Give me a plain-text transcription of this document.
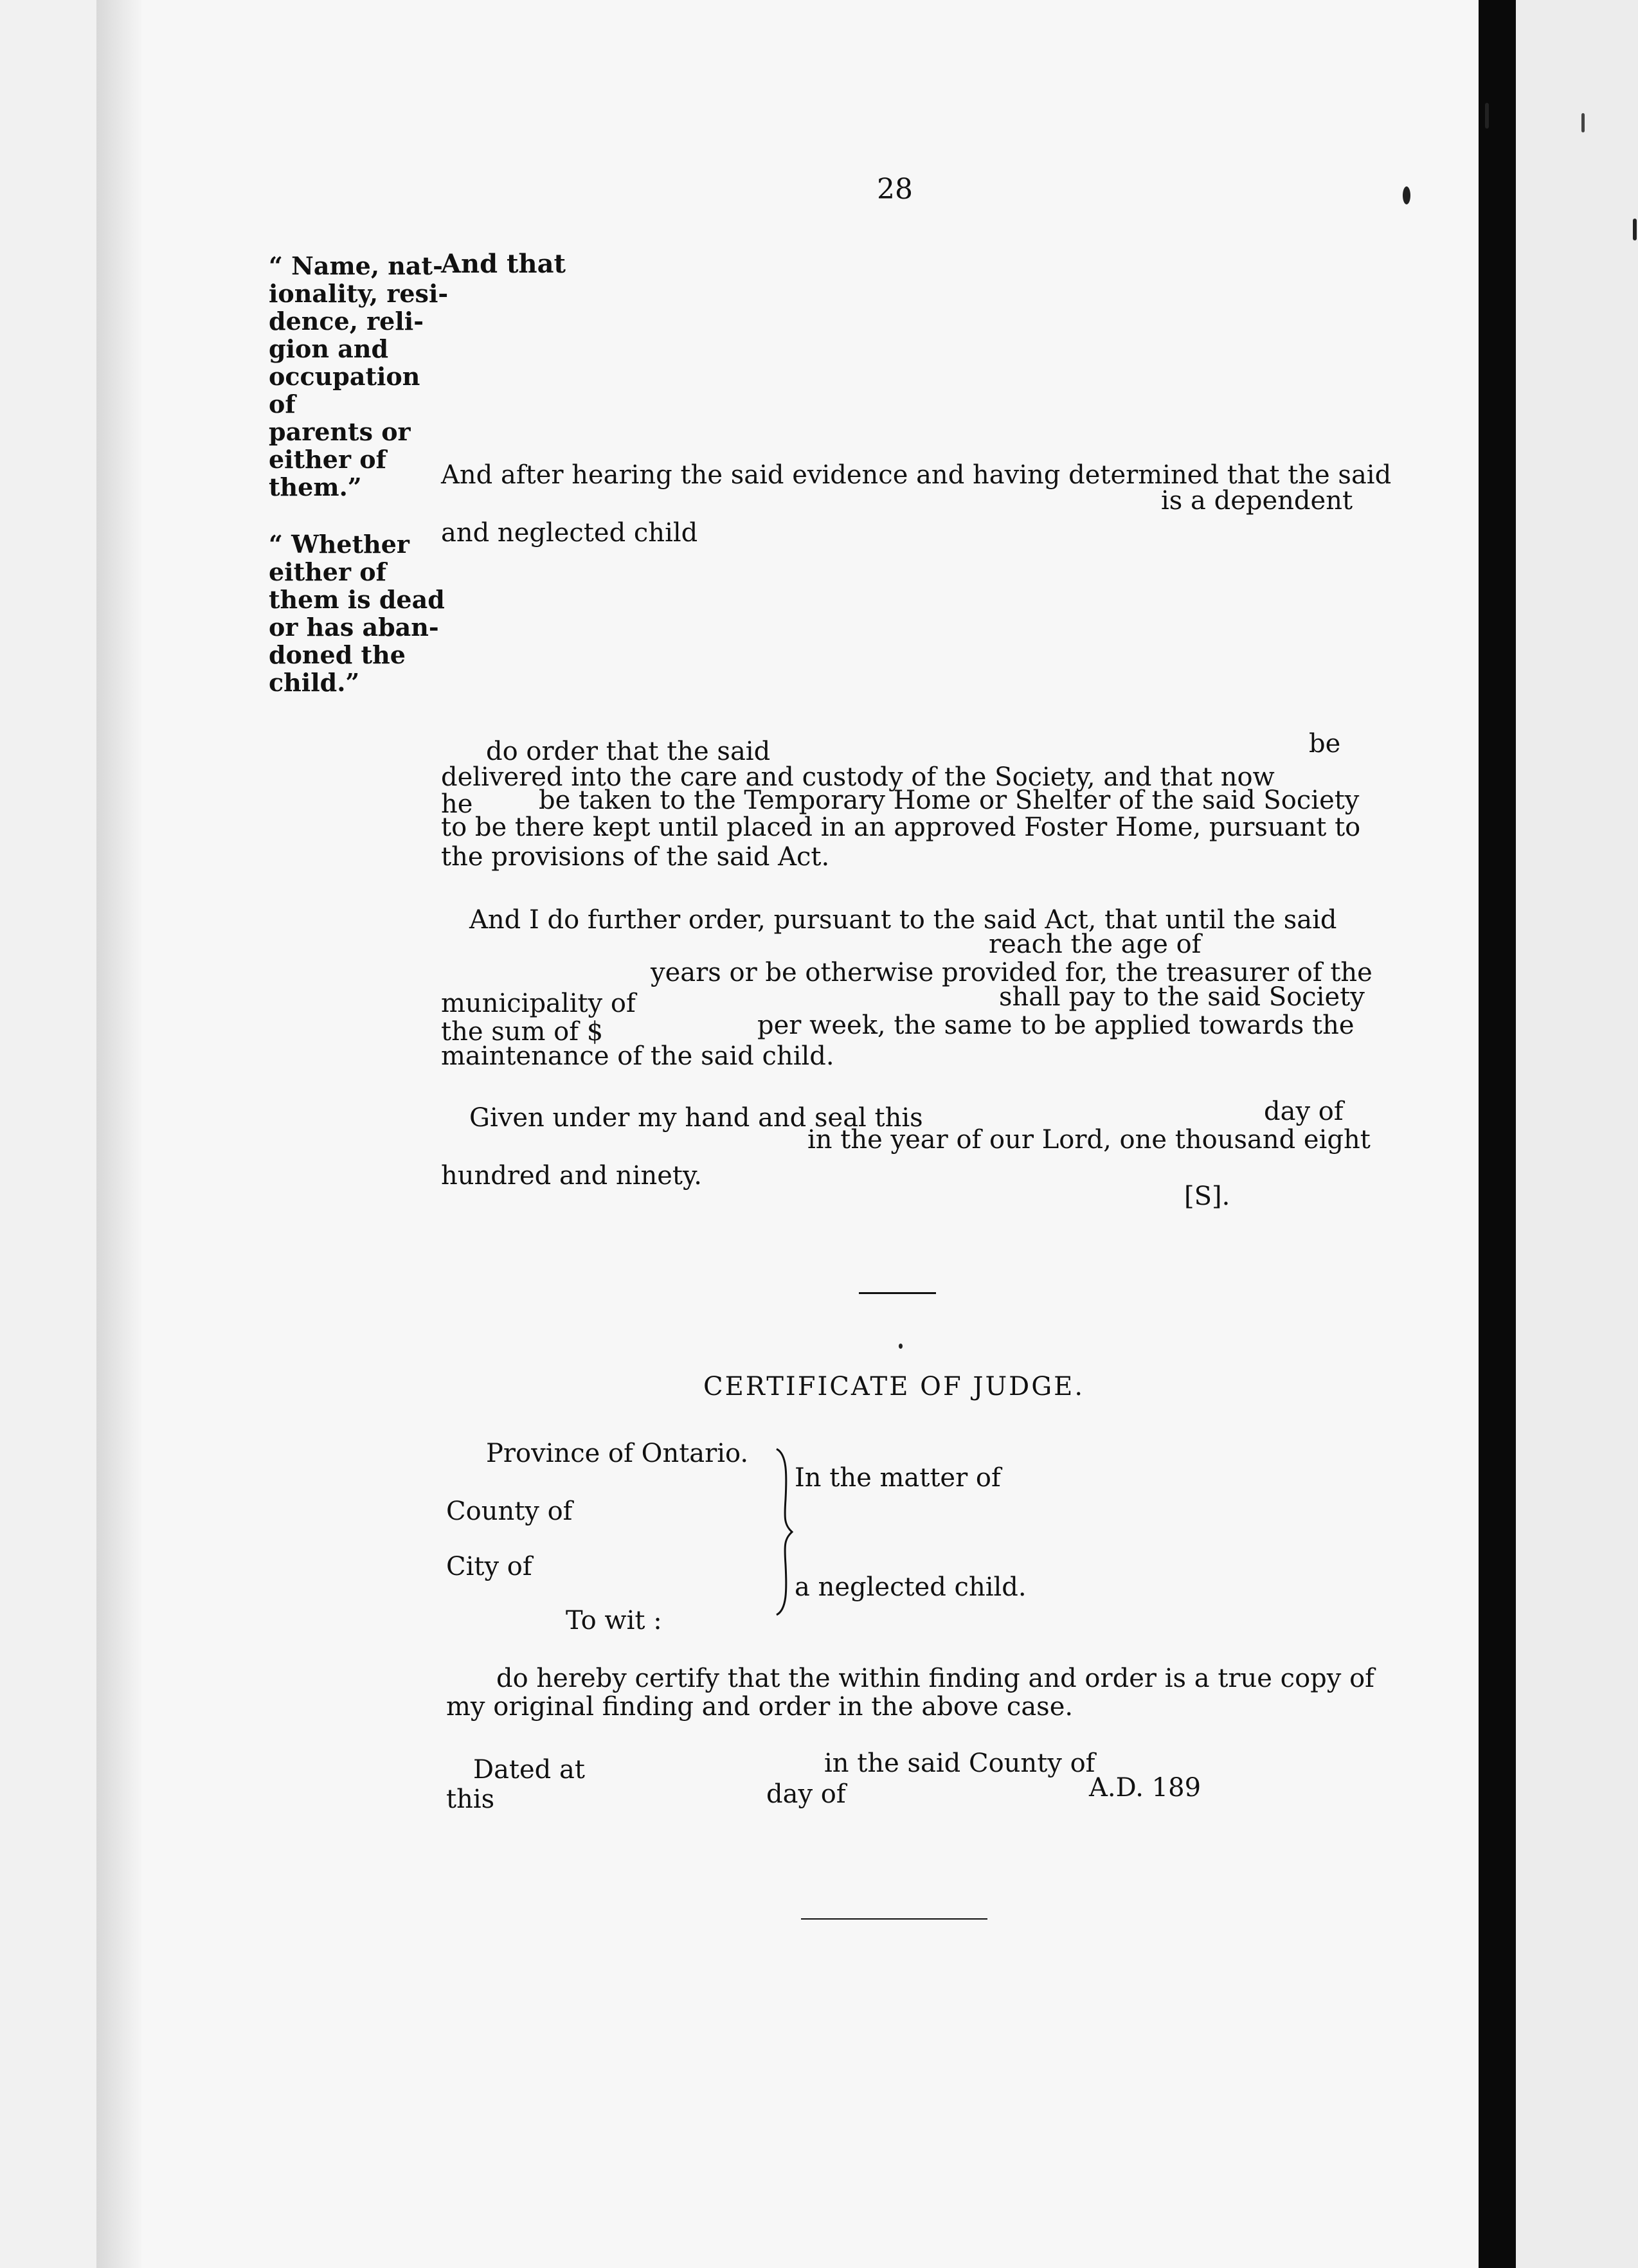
28

“ Name, nat-
ionality, resi-
dence, reli-
gion and
occupation of
parents or
either of
them.”

“ Whether
either of
them is dead
or has aban-
doned the
child.”

And that
And after hearing the said evidence and having determined that the said
is a dependent
and neglected child
do order that the said	be
delivered into the care and custody of the Society, and that now
he	be taken to the Temporary Home or Shelter of the said Society
to be there kept until placed in an approved Foster Home, pursuant to
the provisions of the said Act.
And I do further order, pursuant to the said Act, that until the said
reach the age of
years or be otherwise provided for, the treasurer of the
municipality of	shall pay to the said Society
the sum of $	per week, the same to be applied towards the
maintenance of the said child.
Given under my hand and seal this	day of
in the year of our Lord, one thousand eight
hundred and ninety.
[S].
CERTIFICATE OF JUDGE.
Province of Ontario.
County of
City of
To wit :
In the matter of
a neglected child.
do hereby certify that the within finding and order is a true copy of
my original finding and order in the above case.
Dated at	in the said County of
this	day of	A.D. 189
